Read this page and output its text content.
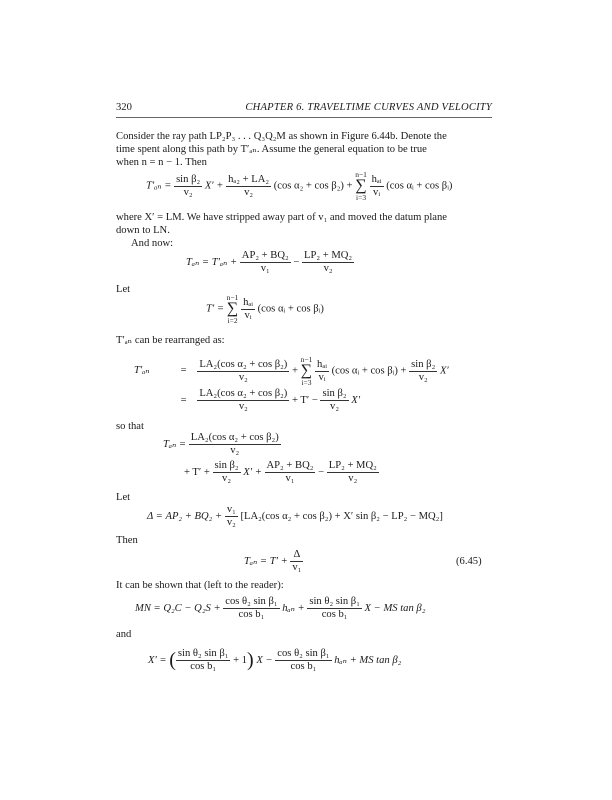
320	CHAPTER 6. TRAVELTIME CURVES AND VELOCITY
Consider the ray path LP₂P₃ . . . Q₃Q₂M as shown in Figure 6.44b. Denote the
time spent along this path by T′ₐₙ. Assume the general equation to be true
when n = n − 1. Then
$T'_{an} = \frac{\text{sin β₂}}{\text{v₂}} X' + \frac{\text{hₐ₂ + LA₂}}{\text{v₂}} (\cos$ α₂ + cos β₂) +
n−1
∑
i=3
$\frac{\text{hₐᵢ}}{\text{vᵢ}} (\cos$ αᵢ + cos βᵢ)
where X′ = LM. We have stripped away part of v₁ and moved the datum plane
down to LN.
And now:
$T_{an} = T'_{an} + \frac{\text{AP₂ + BQ₂}}{\text{v₁}} - \frac{\text{LP₂ + MQ₂}}{\text{v₂}}$
Let
T′ =
n−1
∑
i=2
$\frac{\text{hₐᵢ}}{\text{vᵢ}} (\cos$ αᵢ + cos βᵢ)
T′ₐₙ can be rearranged as:
T′ₐₙ	= $\frac{\text{LA₂(cos α₂ + cos β₂)}}{\text{v₂}}$ +
n−1
∑
i=3
$\frac{\text{hₐᵢ}}{\text{vᵢ}} (\cos$ αᵢ + cos βᵢ) + $\frac{\text{sin β₂}}{\text{v₂}} X'$
= $\frac{\text{LA₂(cos α₂ + cos β₂)}}{\text{v₂}} + T' - \frac{\text{sin β₂}}{\text{v₂}} X'$
so that
$T_{an} = \frac{\text{LA₂(cos α₂ + cos β₂)}}{\text{v₂}}$
+ $T' + \frac{\text{sin β₂}}{\text{v₂}} X' + \frac{\text{AP₂ + BQ₂}}{\text{v₁}} - \frac{\text{LP₂ + MQ₂}}{\text{v₂}}$
Let
$\Delta = AP_2 + BQ_2 + \frac{\text{v₁}}{\text{v₂}} [LA_2(\cos$ α₂ + cos β₂) + X′ sin β₂ − LP₂ − MQ₂]
Then
$T_{an} = T' + \frac{\Delta}{\text{v₁}}$	(6.45)
It can be shown that (left to the reader):
MN = $Q_2C - Q_2S + \frac{\text{cos θ₂ sin β₁}}{\text{cos b₁}}$ $h_{an} + \frac{\text{sin θ₂ sin β₁}}{\text{cos b₁}}$ X − MS tan β₂
and
X′ = ( $\frac{\text{sin θ₂ sin β₁}}{\text{cos b₁}} + 1$) $X - \frac{\text{cos θ₂ sin β₁}}{\text{cos b₁}}$ hₐₙ + MS tan β₂
